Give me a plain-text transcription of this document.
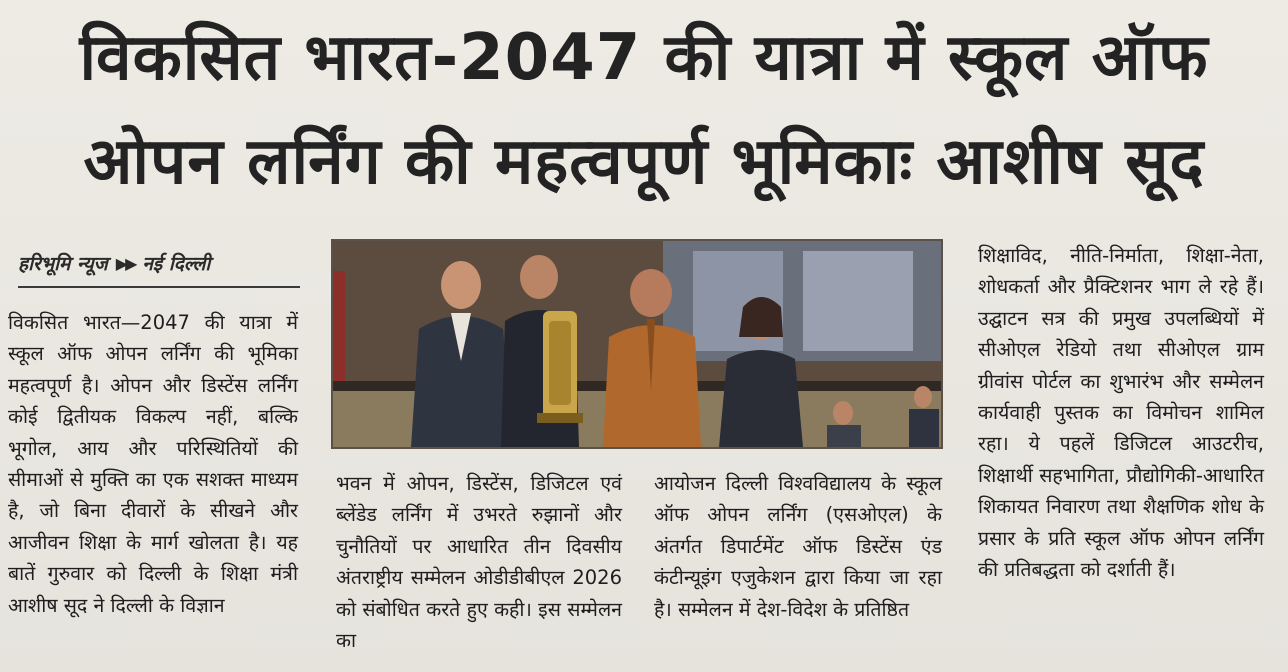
विकसित भारत-2047 की यात्रा में स्कूल ऑफ
ओपन लर्निंग की महत्वपूर्ण भूमिकाः आशीष सूद
हरिभूमि न्यूज ▶▶ नई दिल्ली

विकसित भारत—2047 की यात्रा में स्कूल ऑफ ओपन लर्निंग की भूमिका महत्वपूर्ण है। ओपन और डिस्टेंस लर्निंग कोई द्वितीयक विकल्प नहीं, बल्कि भूगोल, आय और परिस्थितियों की सीमाओं से मुक्ति का एक सशक्त माध्यम है, जो बिना दीवारों के सीखने और आजीवन शिक्षा के मार्ग खोलता है। यह बातें गुरुवार को दिल्ली के शिक्षा मंत्री आशीष सूद ने दिल्ली के विज्ञान

भवन में ओपन, डिस्टेंस, डिजिटल एवं ब्लेंडेड लर्निंग में उभरते रुझानों और चुनौतियों पर आधारित तीन दिवसीय अंतराष्ट्रीय सम्मेलन ओडीडीबीएल 2026 को संबोधित करते हुए कही। इस सम्मेलन का

आयोजन दिल्ली विश्वविद्यालय के स्कूल ऑफ ओपन लर्निंग (एसओएल) के अंतर्गत डिपार्टमेंट ऑफ डिस्टेंस एंड कंटीन्यूइंग एजुकेशन द्वारा किया जा रहा है। सम्मेलन में देश-विदेश के प्रतिष्ठित

शिक्षाविद, नीति-निर्माता, शिक्षा-नेता, शोधकर्ता और प्रैक्टिशनर भाग ले रहे हैं। उद्घाटन सत्र की प्रमुख उपलब्धियों में सीओएल रेडियो तथा सीओएल ग्राम ग्रीवांस पोर्टल का शुभारंभ और सम्मेलन कार्यवाही पुस्तक का विमोचन शामिल रहा। ये पहलें डिजिटल आउटरीच, शिक्षार्थी सहभागिता, प्रौद्योगिकी-आधारित शिकायत निवारण तथा शैक्षणिक शोध के प्रसार के प्रति स्कूल ऑफ ओपन लर्निंग की प्रतिबद्धता को दर्शाती हैं।
